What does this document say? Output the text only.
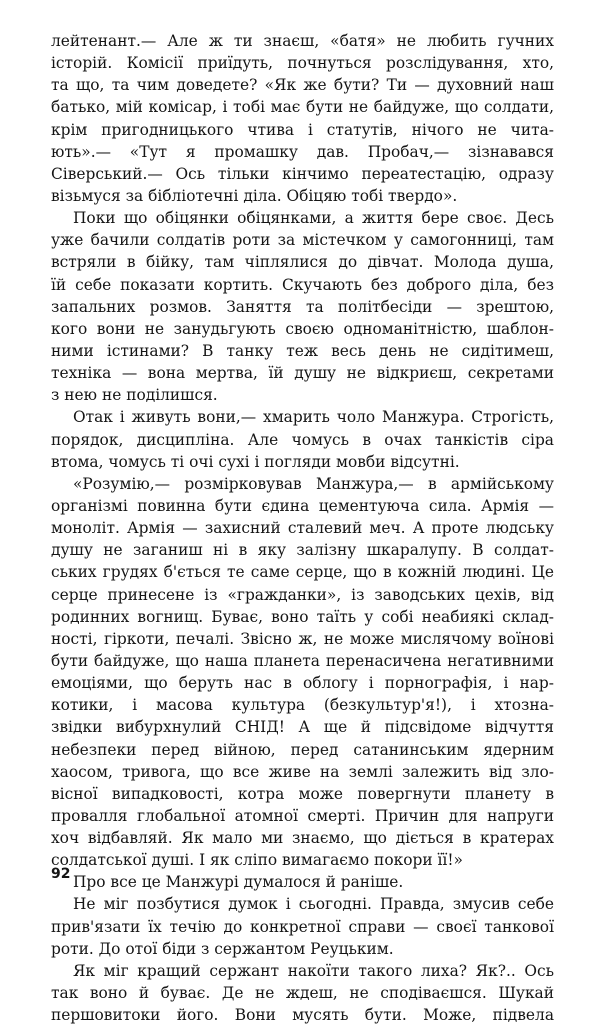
лейтенант.— Але ж ти знаєш, «батя» не любить гучних
історій. Комісії приїдуть, почнуться розслідування, хто,
та що, та чим доведете? «Як же бути? Ти — духовний наш
батько, мій комісар, і тобі має бути не байдуже, що солдати,
крім пригодницького чтива і статутів, нічого не чита-
ють».— «Тут я промашку дав. Пробач,— зізнавався
Сіверський.— Ось тільки кінчимо переатестацію, одразу
візьмуся за бібліотечні діла. Обіцяю тобі твердо».
Поки що обіцянки обіцянками, а життя бере своє. Десь
уже бачили солдатів роти за містечком у самогонниці, там
встряли в бійку, там чіплялися до дівчат. Молода душа,
їй себе показати кортить. Скучають без доброго діла, без
запальних розмов. Заняття та політбесіди — зрештою,
кого вони не занудьгують своєю одноманітністю, шаблон-
ними істинами? В танку теж весь день не сидітимеш,
техніка — вона мертва, їй душу не відкриєш, секретами
з нею не поділишся.
Отак і живуть вони,— хмарить чоло Манжура. Строгість,
порядок, дисципліна. Але чомусь в очах танкістів сіра
втома, чомусь ті очі сухі і погляди мовби відсутні.
«Розумію,— розмірковував Манжура,— в армійському
організмі повинна бути єдина цементуюча сила. Армія —
моноліт. Армія — захисний сталевий меч. А проте людську
душу не заганиш ні в яку залізну шкаралупу. В солдат-
ських грудях б'ється те саме серце, що в кожній людині. Це
серце принесене із «гражданки», із заводських цехів, від
родинних вогнищ. Буває, воно таїть у собі неабиякі склад-
ності, гіркоти, печалі. Звісно ж, не може мислячому воїнові
бути байдуже, що наша планета перенасичена негативними
емоціями, що беруть нас в облогу і порнографія, і нар-
котики, і масова культура (безкультур'я!), і хтозна-
звідки вибурхнулий СНІД! А ще й підсвідоме відчуття
небезпеки перед війною, перед сатанинським ядерним
хаосом, тривога, що все живе на землі залежить від зло-
вісної випадковості, котра може повергнути планету в
провалля глобальної атомної смерті. Причин для напруги
хоч відбавляй. Як мало ми знаємо, що діється в кратерах
солдатської душі. І як сліпо вимагаємо покори її!»
Про все це Манжурі думалося й раніше.
Не міг позбутися думок і сьогодні. Правда, змусив себе
прив'язати їх течію до конкретної справи — своєї танкової
роти. До отої біди з сержантом Реуцьким.
Як міг кращий сержант накоїти такого лиха? Як?.. Ось
так воно й буває. Де не ждеш, не сподіваєшся. Шукай
першовитоки його. Вони мусять бути. Може, підвела
92
